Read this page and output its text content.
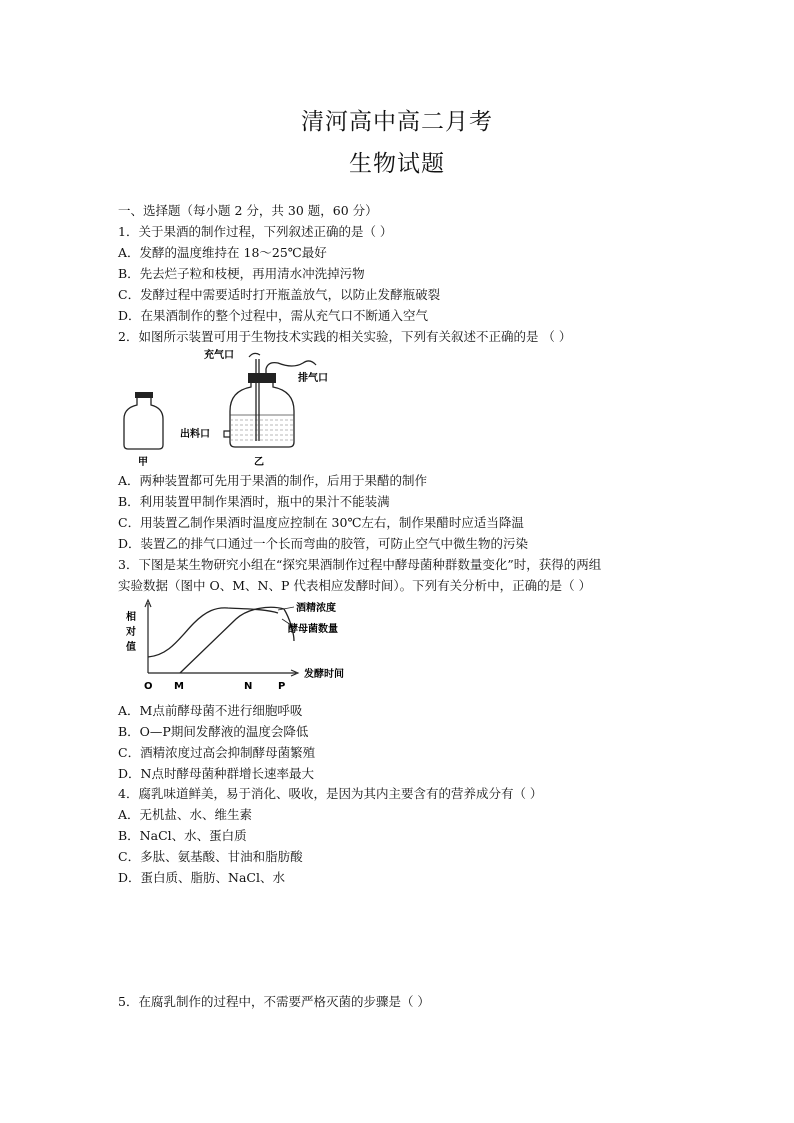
清河高中高二月考
生物试题
一、选择题（每小题 2 分，共 30 题，60 分）
1．关于果酒的制作过程，下列叙述正确的是（ ）
A．发酵的温度维持在 18～25℃最好
B．先去烂子粒和枝梗，再用清水冲洗掉污物
C．发酵过程中需要适时打开瓶盖放气，以防止发酵瓶破裂
D．在果酒制作的整个过程中，需从充气口不断通入空气
2．如图所示装置可用于生物技术实践的相关实验，下列有关叙述不正确的是 （ ）
甲
充气口
排气口
出料口
乙
A．两种装置都可先用于果酒的制作，后用于果醋的制作
B．利用装置甲制作果酒时，瓶中的果汁不能装满
C．用装置乙制作果酒时温度应控制在 30℃左右，制作果醋时应适当降温
D．装置乙的排气口通过一个长而弯曲的胶管，可防止空气中微生物的污染
3．下图是某生物研究小组在“探究果酒制作过程中酵母菌种群数量变化”时，获得的两组
实验数据（图中 O、M、N、P 代表相应发酵时间）。下列有关分析中，正确的是（ ）
相
对
值
酒精浓度
酵母菌数量
O M	N	P
发酵时间
A．M点前酵母菌不进行细胞呼吸
B．O—P期间发酵液的温度会降低
C．酒精浓度过高会抑制酵母菌繁殖
D．N点时酵母菌种群增长速率最大
4．腐乳味道鲜美，易于消化、吸收，是因为其内主要含有的营养成分有（ ）
A．无机盐、水、维生素
B．NaCl、水、蛋白质
C．多肽、氨基酸、甘油和脂肪酸
D．蛋白质、脂肪、NaCl、水
5．在腐乳制作的过程中，不需要严格灭菌的步骤是（ ）
